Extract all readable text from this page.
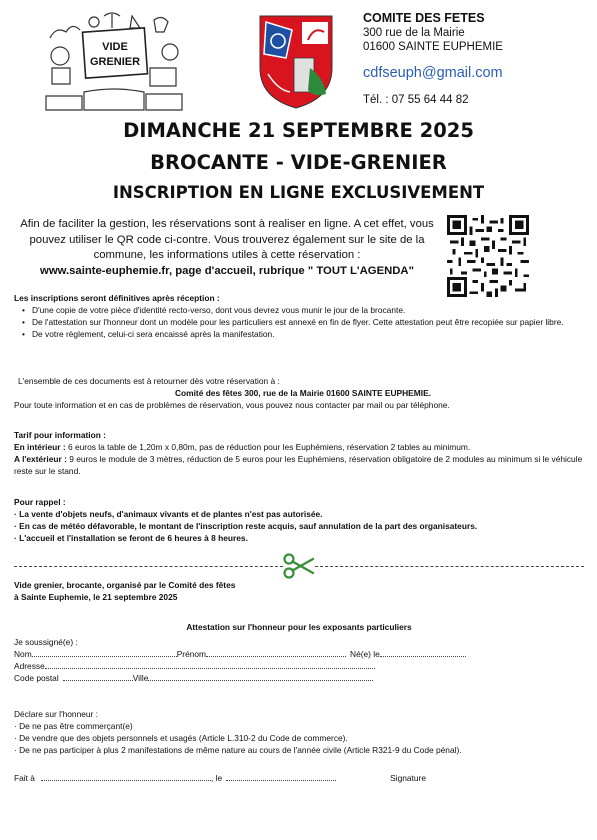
VIDE
GRENIER
COMITE DES FETES
300 rue de la Mairie
01600 SAINTE EUPHEMIE
cdfseuph@gmail.com
Tél. : 07 55 64 44 82
DIMANCHE 21 SEPTEMBRE 2025
BROCANTE - VIDE-GRENIER
INSCRIPTION EN LIGNE EXCLUSIVEMENT
Afin de faciliter la gestion, les réservations sont à realiser en ligne. A cet effet, vous pouvez utiliser le QR code ci-contre. Vous trouverez également sur le site de la commune, les informations utiles à cette réservation :
www.sainte-euphemie.fr, page d'accueil, rubrique " TOUT L'AGENDA"
Les inscriptions seront définitives après réception :
• D'une copie de votre pièce d'identité recto-verso, dont vous devrez vous munir le jour de la brocante.
• De l'attestation sur l'honneur dont un modèle pour les particuliers est annexé en fin de flyer. Cette attestation peut être recopiée sur papier libre.
• De votre règlement, celui-ci sera encaissé après la manifestation.
L'ensemble de ces documents est à retourner dès votre réservation à :
Comité des fêtes 300, rue de la Mairie 01600 SAINTE EUPHEMIE.
Pour toute information et en cas de problèmes de réservation, vous pouvez nous contacter par mail ou par téléphone.
Tarif pour information :
En intérieur : 6 euros la table de 1,20m x 0,80m, pas de réduction pour les Euphémiens, réservation 2 tables au minimum.
A l'extérieur : 9 euros le module de 3 mètres, réduction de 5 euros pour les Euphémiens, réservation obligatoire de 2 modules au minimum si le véhicule reste sur le stand.
Pour rappel :
· La vente d'objets neufs, d'animaux vivants et de plantes n'est pas autorisée.
· En cas de météo défavorable, le montant de l'inscription reste acquis, sauf annulation de la part des organisateurs.
· L'accueil et l'installation se feront de 6 heures à 8 heures.
Vide grenier, brocante, organisé par le Comité des fêtes
à Sainte Euphemie, le 21 septembre 2025
Attestation sur l'honneur pour les exposants particuliers
Je soussigné(e) :
Nom	Prénom	Né(e) le
Adresse
Code postal	Ville
Déclare sur l'honneur :
· De ne pas être commerçant(e)
· De vendre que des objets personnels et usagés (Article L.310-2 du Code de commerce).
· De ne pas participer à plus 2 manifestations de même nature au cours de l'année civile (Article R321-9 du Code pénal).
Fait à	, le	Signature
